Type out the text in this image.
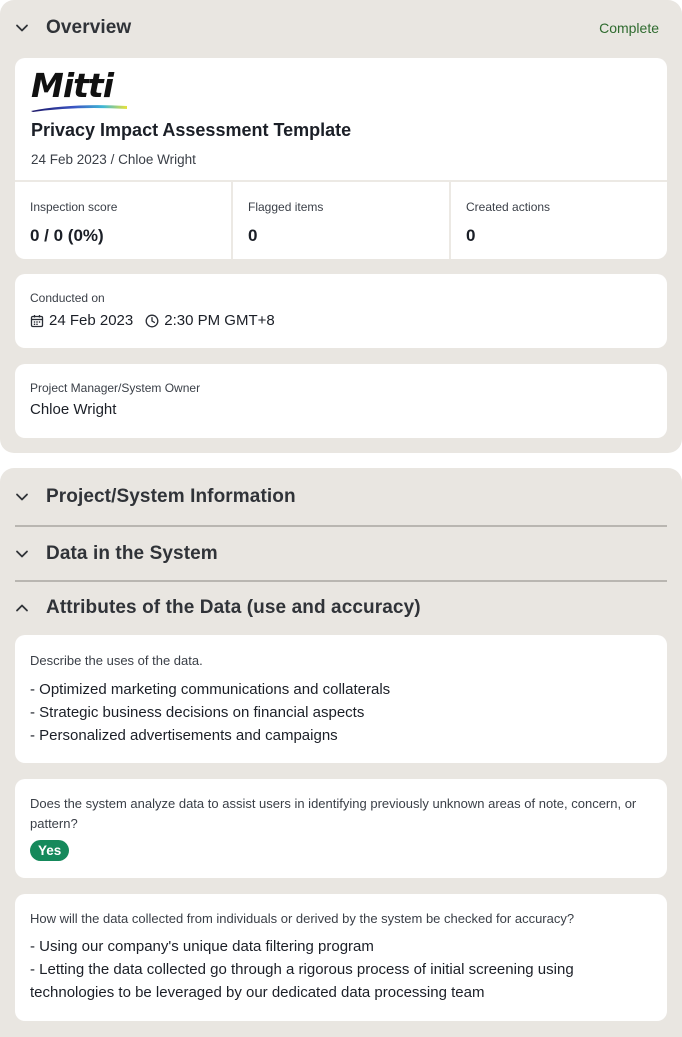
Overview	Complete
Mitti
Privacy Impact Assessment Template
24 Feb 2023 / Chloe Wright
Inspection score
0 / 0 (0%)
Flagged items
0
Created actions
0
Conducted on
24 Feb 2023 2:30 PM GMT+8
Project Manager/System Owner
Chloe Wright
Project/System Information
Data in the System
Attributes of the Data (use and accuracy)
Describe the uses of the data.
- Optimized marketing communications and collaterals
- Strategic business decisions on financial aspects
- Personalized advertisements and campaigns
Does the system analyze data to assist users in identifying previously unknown areas of note, concern, or pattern?
Yes
How will the data collected from individuals or derived by the system be checked for accuracy?
- Using our company's unique data filtering program
- Letting the data collected go through a rigorous process of initial screening using technologies to be leveraged by our dedicated data processing team
